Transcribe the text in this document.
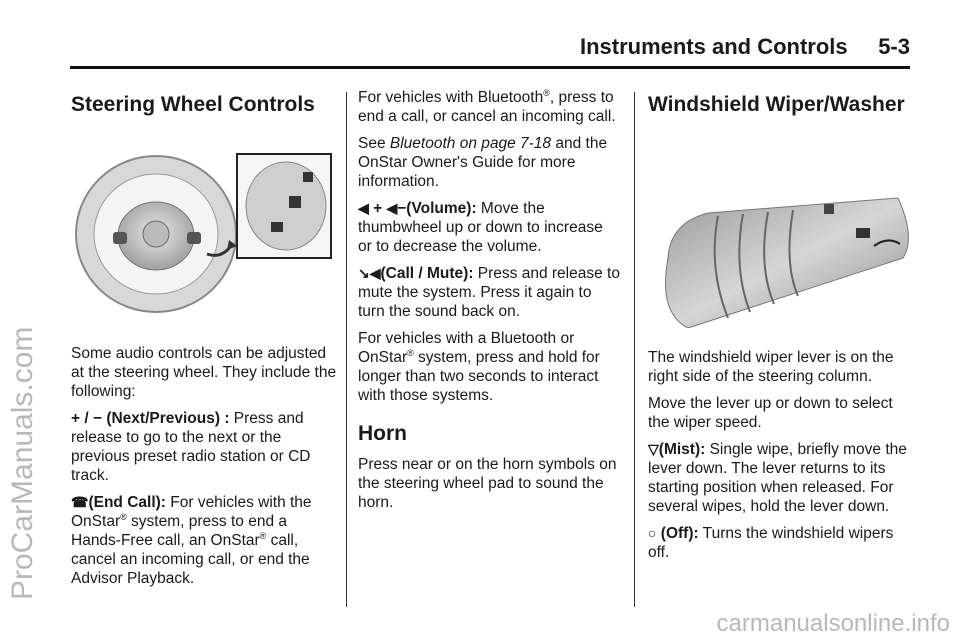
Instruments and Controls     5-3
ProCarManuals.com
carmanualsonline.info
Steering Wheel Controls

Some audio controls can be adjusted at the steering wheel. They include the following:

+ / − (Next/Previous) : Press and release to go to the next or the previous preset radio station or CD track.

☎(End Call): For vehicles with the OnStar® system, press to end a Hands-Free call, an OnStar® call, cancel an incoming call, or end the Advisor Playback.

For vehicles with Bluetooth®, press to end a call, or cancel an incoming call.

See Bluetooth on page 7-18 and the OnStar Owner's Guide for more information.

◀ + ◀−(Volume): Move the thumbwheel up or down to increase or to decrease the volume.

↘◀(Call / Mute): Press and release to mute the system. Press it again to turn the sound back on.

For vehicles with a Bluetooth or OnStar® system, press and hold for longer than two seconds to interact with those systems.

Horn

Press near or on the horn symbols on the steering wheel pad to sound the horn.

Windshield Wiper/Washer

The windshield wiper lever is on the right side of the steering column.

Move the lever up or down to select the wiper speed.

▽(Mist): Single wipe, briefly move the lever down. The lever returns to its starting position when released. For several wipes, hold the lever down.

○ (Off): Turns the windshield wipers off.
